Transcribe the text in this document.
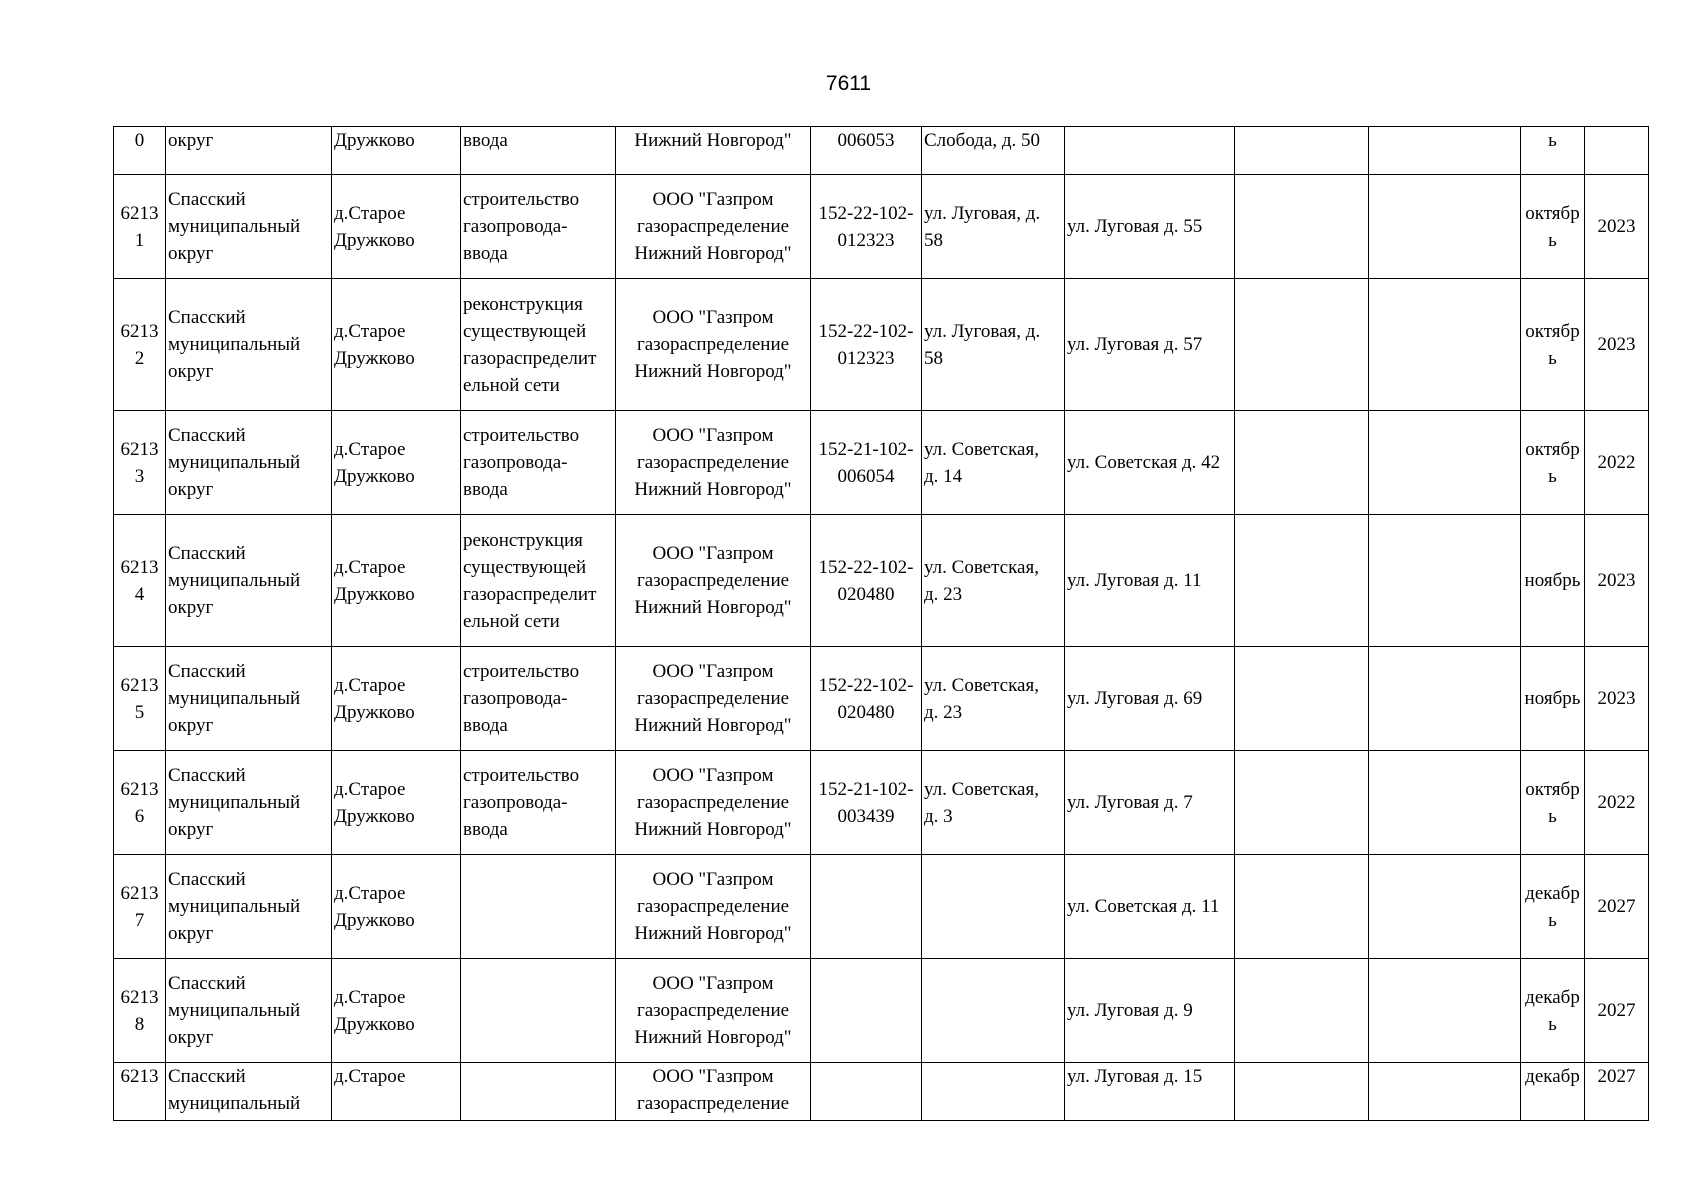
7611
0	округ	Дружково	ввода	Нижний Новгород"	006053	Слобода, д. 50				ь	

6213
1	Спасский
муниципальный
округ	д.Старое
Дружково	строительство
газопровода-
ввода	ООО "Газпром
газораспределение
Нижний Новгород"	152-22-102-
012323	ул. Луговая, д.
58	ул. Луговая д. 55			октябр
ь	2023

6213
2	Спасский
муниципальный
округ	д.Старое
Дружково	реконструкция
существующей
газораспределит
ельной сети	ООО "Газпром
газораспределение
Нижний Новгород"	152-22-102-
012323	ул. Луговая, д.
58	ул. Луговая д. 57			октябр
ь	2023

6213
3	Спасский
муниципальный
округ	д.Старое
Дружково	строительство
газопровода-
ввода	ООО "Газпром
газораспределение
Нижний Новгород"	152-21-102-
006054	ул. Советская,
д. 14	ул. Советская д. 42			октябр
ь	2022

6213
4	Спасский
муниципальный
округ	д.Старое
Дружково	реконструкция
существующей
газораспределит
ельной сети	ООО "Газпром
газораспределение
Нижний Новгород"	152-22-102-
020480	ул. Советская,
д. 23	ул. Луговая д. 11			ноябрь	2023

6213
5	Спасский
муниципальный
округ	д.Старое
Дружково	строительство
газопровода-
ввода	ООО "Газпром
газораспределение
Нижний Новгород"	152-22-102-
020480	ул. Советская,
д. 23	ул. Луговая д. 69			ноябрь	2023

6213
6	Спасский
муниципальный
округ	д.Старое
Дружково	строительство
газопровода-
ввода	ООО "Газпром
газораспределение
Нижний Новгород"	152-21-102-
003439	ул. Советская,
д. 3	ул. Луговая д. 7			октябр
ь	2022

6213
7	Спасский
муниципальный
округ	д.Старое
Дружково		ООО "Газпром
газораспределение
Нижний Новгород"			ул. Советская д. 11			декабр
ь	2027

6213
8	Спасский
муниципальный
округ	д.Старое
Дружково		ООО "Газпром
газораспределение
Нижний Новгород"			ул. Луговая д. 9			декабр
ь	2027

6213	Спасский
муниципальный	д.Старое		ООО "Газпром
газораспределение			ул. Луговая д. 15			декабр	2027
